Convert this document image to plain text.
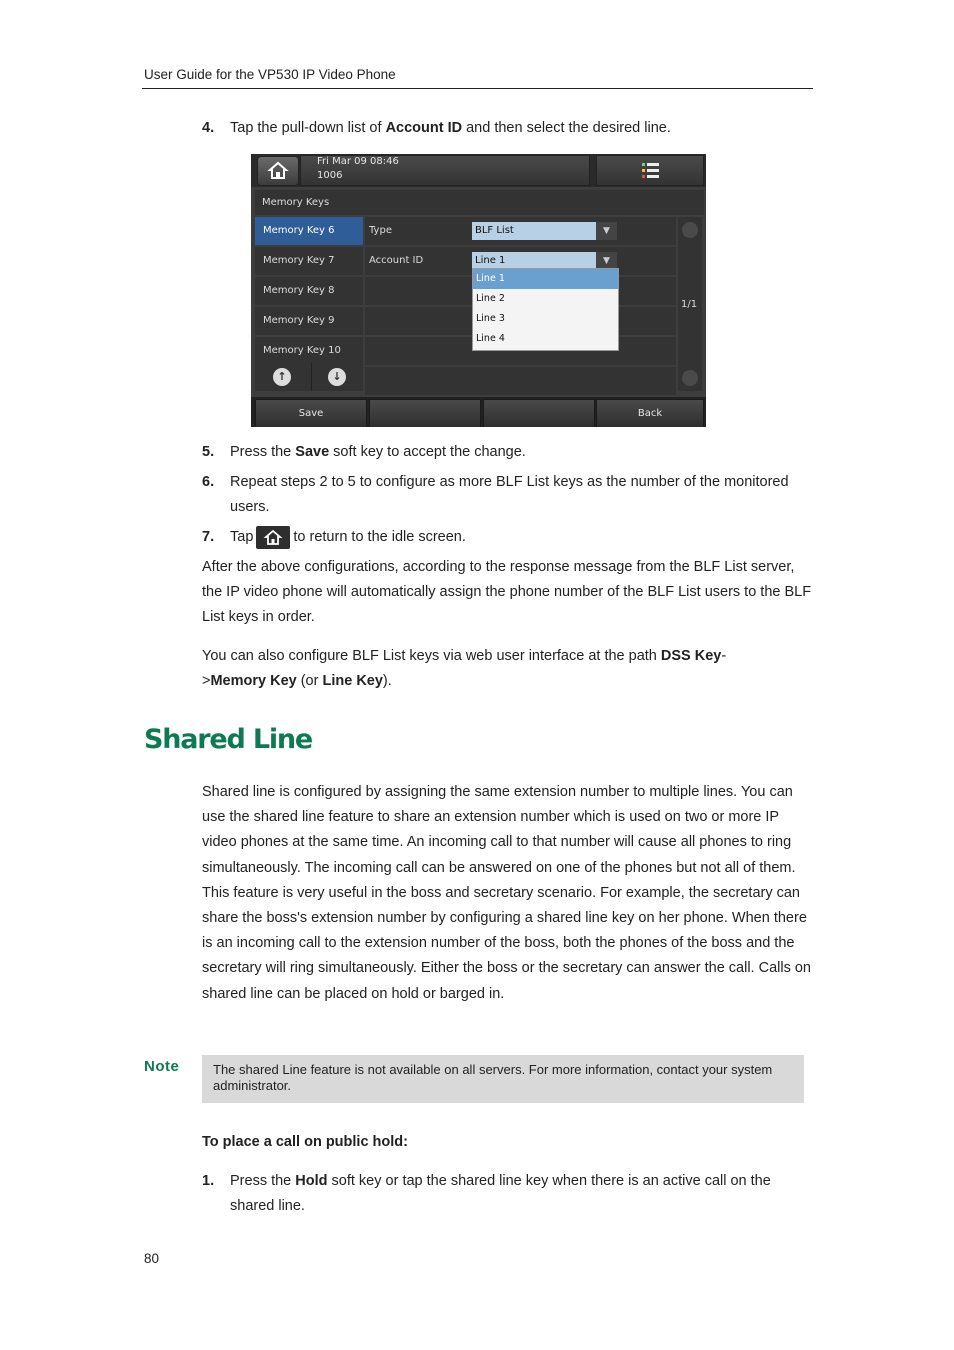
User Guide for the VP530 IP Video Phone
4. Tap the pull-down list of Account ID and then select the desired line.
Fri Mar 09 08:46
1006
Memory Keys
Memory Key 6
Memory Key 7
Memory Key 8
Memory Key 9
Memory Key 10
Type	BLF List	▼
Account ID	Line 1	▼
Line 1
Line 2
Line 3
Line 4
1/1
↑	↓
Save	Back
5. Press the Save soft key to accept the change.
6. Repeat steps 2 to 5 to configure as more BLF List keys as the number of the monitored users.
7. Tap	to return to the idle screen.
After the above configurations, according to the response message from the BLF List server, the IP video phone will automatically assign the phone number of the BLF List users to the BLF List keys in order.
You can also configure BLF List keys via web user interface at the path DSS Key->Memory Key (or Line Key).
Shared Line
Shared line is configured by assigning the same extension number to multiple lines. You can use the shared line feature to share an extension number which is used on two or more IP video phones at the same time. An incoming call to that number will cause all phones to ring simultaneously. The incoming call can be answered on one of the phones but not all of them. This feature is very useful in the boss and secretary scenario. For example, the secretary can share the boss's extension number by configuring a shared line key on her phone. When there is an incoming call to the extension number of the boss, both the phones of the boss and the secretary will ring simultaneously. Either the boss or the secretary can answer the call. Calls on shared line can be placed on hold or barged in.
Note	The shared Line feature is not available on all servers. For more information, contact your system administrator.
To place a call on public hold:
1. Press the Hold soft key or tap the shared line key when there is an active call on the shared line.
80
